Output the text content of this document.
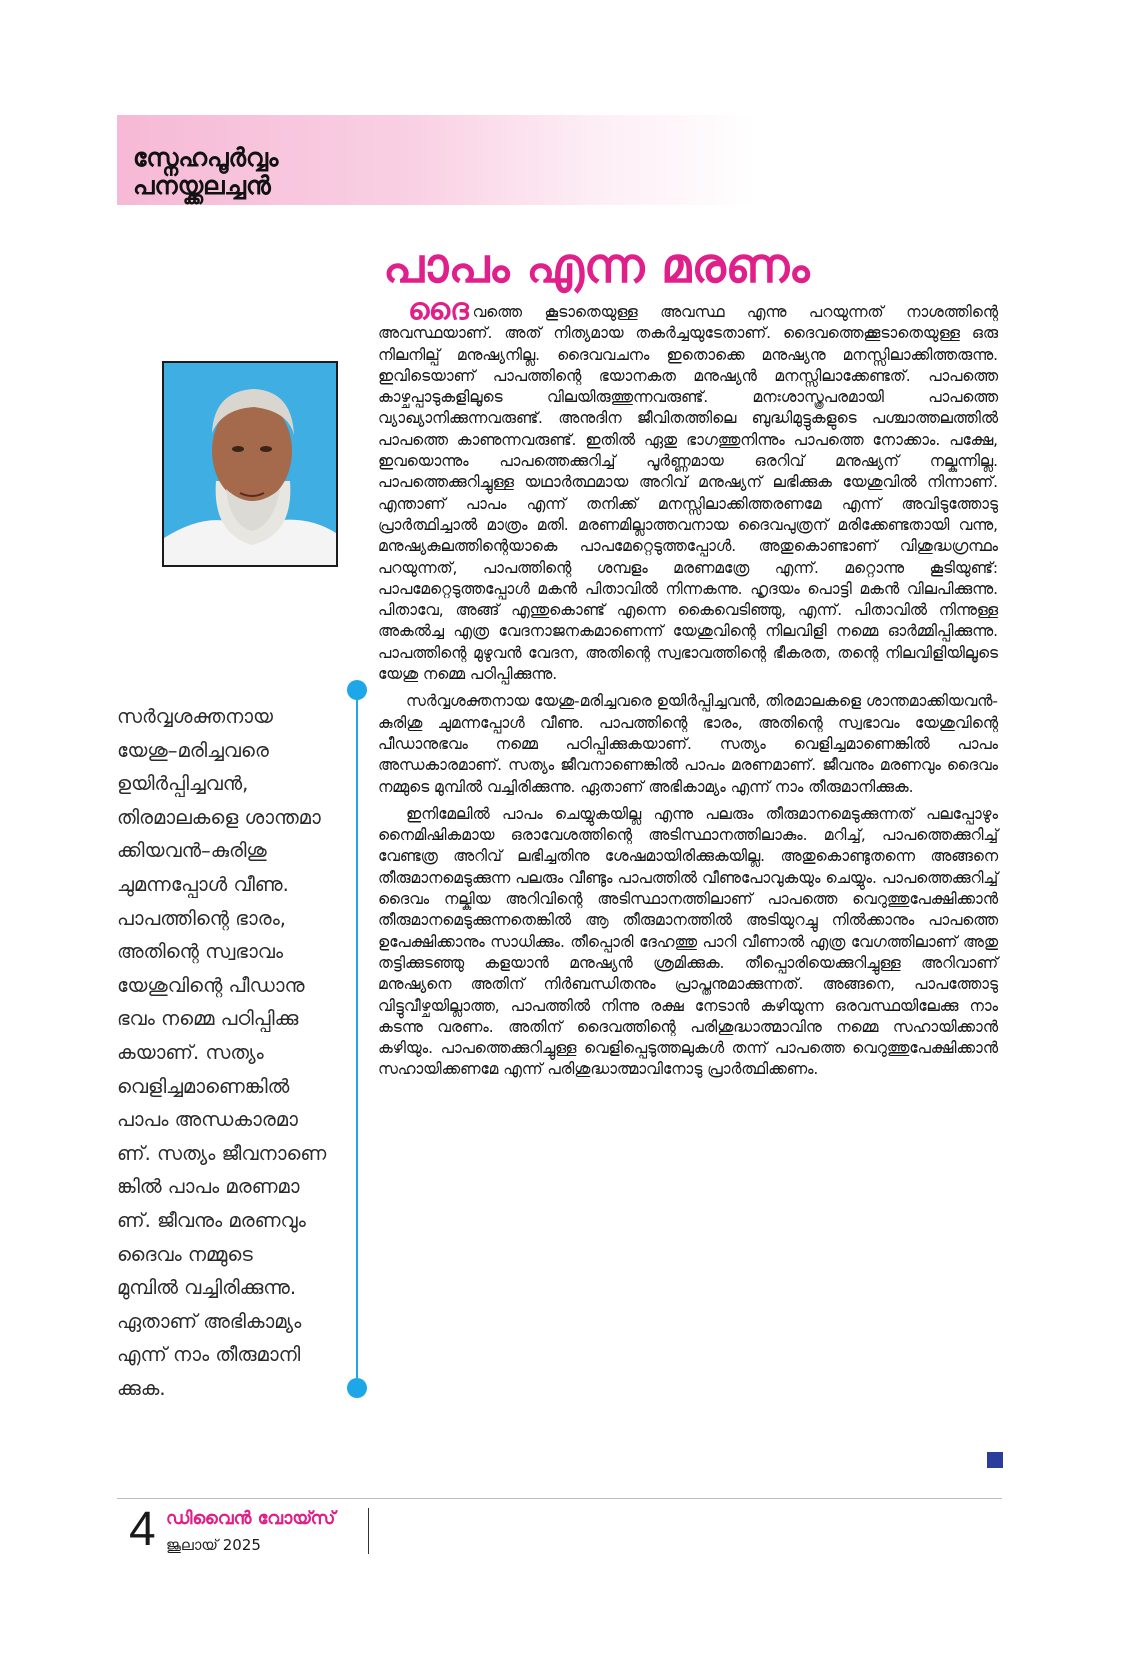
സ്നേഹപൂർവ്വം
പനയ്ക്കലച്ചൻ
പാപം എന്ന മരണം

ദൈവത്തെ കൂടാതെയുള്ള അവസ്ഥ എന്നു പറയുന്നത് നാശത്തിന്റെ അവസ്ഥയാണ്. അത് നിത്യമായ തകർച്ചയുടേതാണ്. ദൈവത്തെക്കൂടാതെയുള്ള ഒരു നിലനില്പ് മനുഷ്യനില്ല. ദൈവവചനം ഇതൊക്കെ മനുഷ്യനു മനസ്സിലാക്കിത്തരുന്നു. ഇവിടെയാണ് പാപത്തിന്റെ ഭയാനകത മനുഷ്യൻ മനസ്സിലാക്കേണ്ടത്. പാപത്തെ കാഴ്ചപ്പാടുകളിലൂടെ വിലയിരുത്തുന്നവരുണ്ട്. മനഃശാസ്ത്രപരമായി പാപത്തെ വ്യാഖ്യാനിക്കുന്നവരുണ്ട്. അനുദിന ജീവിതത്തിലെ ബുദ്ധിമുട്ടുകളുടെ പശ്ചാത്തലത്തിൽ പാപത്തെ കാണുന്നവരുണ്ട്. ഇതിൽ ഏതു ഭാഗത്തുനിന്നും പാപത്തെ നോക്കാം. പക്ഷേ, ഇവയൊന്നും പാപത്തെക്കുറിച്ച് പൂർണ്ണമായ ഒരറിവ് മനുഷ്യന് നല്കുന്നില്ല. പാപത്തെക്കുറിച്ചുള്ള യഥാർത്ഥമായ അറിവ് മനുഷ്യന് ലഭിക്കുക യേശുവിൽ നിന്നാണ്. എന്താണ് പാപം എന്ന് തനിക്ക് മനസ്സിലാക്കിത്തരണമേ എന്ന് അവിടുത്തോടു പ്രാർത്ഥിച്ചാൽ മാത്രം മതി. മരണമില്ലാത്തവനായ ദൈവപുത്രന് മരിക്കേണ്ടതായി വന്നു, മനുഷ്യകുലത്തിന്റെയാകെ പാപമേറ്റെടുത്തപ്പോൾ. അതുകൊണ്ടാണ് വിശുദ്ധഗ്രന്ഥം പറയുന്നത്, പാപത്തിന്റെ ശമ്പളം മരണമത്രേ എന്ന്. മറ്റൊന്നു കൂടിയുണ്ട്: പാപമേറ്റെടുത്തപ്പോൾ മകൻ പിതാവിൽ നിന്നകന്നു. ഹൃദയം പൊട്ടി മകൻ വിലപിക്കുന്നു. പിതാവേ, അങ്ങ് എന്തുകൊണ്ട് എന്നെ കൈവെടിഞ്ഞു, എന്ന്. പിതാവിൽ നിന്നുള്ള അകൽച്ച എത്ര വേദനാജനകമാണെന്ന് യേശുവിന്റെ നിലവിളി നമ്മെ ഓർമ്മിപ്പിക്കുന്നു. പാപത്തിന്റെ മുഴുവൻ വേദന, അതിന്റെ സ്വഭാവത്തിന്റെ ഭീകരത, തന്റെ നിലവിളിയിലൂടെ യേശു നമ്മെ പഠിപ്പിക്കുന്നു.

സർവ്വശക്തനായ യേശു-മരിച്ചവരെ ഉയിർപ്പിച്ചവൻ, തിരമാലകളെ ശാന്തമാക്കിയവൻ-കുരിശു ചുമന്നപ്പോൾ വീണു. പാപത്തിന്റെ ഭാരം, അതിന്റെ സ്വഭാവം യേശുവിന്റെ പീഡാനുഭവം നമ്മെ പഠിപ്പിക്കുകയാണ്. സത്യം വെളിച്ചമാണെങ്കിൽ പാപം അന്ധകാരമാണ്. സത്യം ജീവനാണെങ്കിൽ പാപം മരണമാണ്. ജീവനും മരണവും ദൈവം നമ്മുടെ മുമ്പിൽ വച്ചിരിക്കുന്നു. ഏതാണ് അഭികാമ്യം എന്ന് നാം തീരുമാനിക്കുക.

ഇനിമേലിൽ പാപം ചെയ്യുകയില്ല എന്നു പലരും തീരുമാനമെടുക്കുന്നത് പലപ്പോഴും നൈമിഷികമായ ഒരാവേശത്തിന്റെ അടിസ്ഥാനത്തിലാകും. മറിച്ച്, പാപത്തെക്കുറിച്ച് വേണ്ടത്ര അറിവ് ലഭിച്ചതിനു ശേഷമായിരിക്കുകയില്ല. അതുകൊണ്ടുതന്നെ അങ്ങനെ തീരുമാനമെടുക്കുന്ന പലരും വീണ്ടും പാപത്തിൽ വീണുപോവുകയും ചെയ്യും. പാപത്തെക്കുറിച്ച് ദൈവം നല്കിയ അറിവിന്റെ അടിസ്ഥാനത്തിലാണ് പാപത്തെ വെറുത്തുപേക്ഷിക്കാൻ തീരുമാനമെടുക്കുന്നതെങ്കിൽ ആ തീരുമാനത്തിൽ അടിയുറച്ചു നിൽക്കാനും പാപത്തെ ഉപേക്ഷിക്കാനും സാധിക്കും. തീപ്പൊരി ദേഹത്തു പാറി വീണാൽ എത്ര വേഗത്തിലാണ് അതു തട്ടിക്കുടഞ്ഞു കളയാൻ മനുഷ്യൻ ശ്രമിക്കുക. തീപ്പൊരിയെക്കുറിച്ചുള്ള അറിവാണ് മനുഷ്യനെ അതിന് നിർബന്ധിതനും പ്രാപ്തനുമാക്കുന്നത്. അങ്ങനെ, പാപത്തോടു വിട്ടുവീഴ്ചയില്ലാത്ത, പാപത്തിൽ നിന്നു രക്ഷ നേടാൻ കഴിയുന്ന ഒരവസ്ഥയിലേക്കു നാം കടന്നു വരണം. അതിന് ദൈവത്തിന്റെ പരിശുദ്ധാത്മാവിനു നമ്മെ സഹായിക്കാൻ കഴിയും. പാപത്തെക്കുറിച്ചുള്ള വെളിപ്പെടുത്തലുകൾ തന്ന് പാപത്തെ വെറുത്തുപേക്ഷിക്കാൻ സഹായിക്കണമേ എന്ന് പരിശുദ്ധാത്മാവിനോടു പ്രാർത്ഥിക്കണം.

സർവ്വശക്തനായ
യേശു–മരിച്ചവരെ
ഉയിർപ്പിച്ചവൻ,
തിരമാലകളെ ശാന്തമാ
ക്കിയവൻ–കുരിശു
ചുമന്നപ്പോൾ വീണു.
പാപത്തിന്റെ ഭാരം,
അതിന്റെ സ്വഭാവം
യേശുവിന്റെ പീഡാനു
ഭവം നമ്മെ പഠിപ്പിക്കു
കയാണ്. സത്യം
വെളിച്ചമാണെങ്കിൽ
പാപം അന്ധകാരമാ
ണ്. സത്യം ജീവനാണെ
ങ്കിൽ പാപം മരണമാ
ണ്. ജീവനും മരണവും
ദൈവം നമ്മുടെ
മുമ്പിൽ വച്ചിരിക്കുന്നു.
ഏതാണ് അഭികാമ്യം
എന്ന് നാം തീരുമാനി
ക്കുക.
4 ഡിവൈൻ വോയ്സ്
ജൂലായ് 2025
